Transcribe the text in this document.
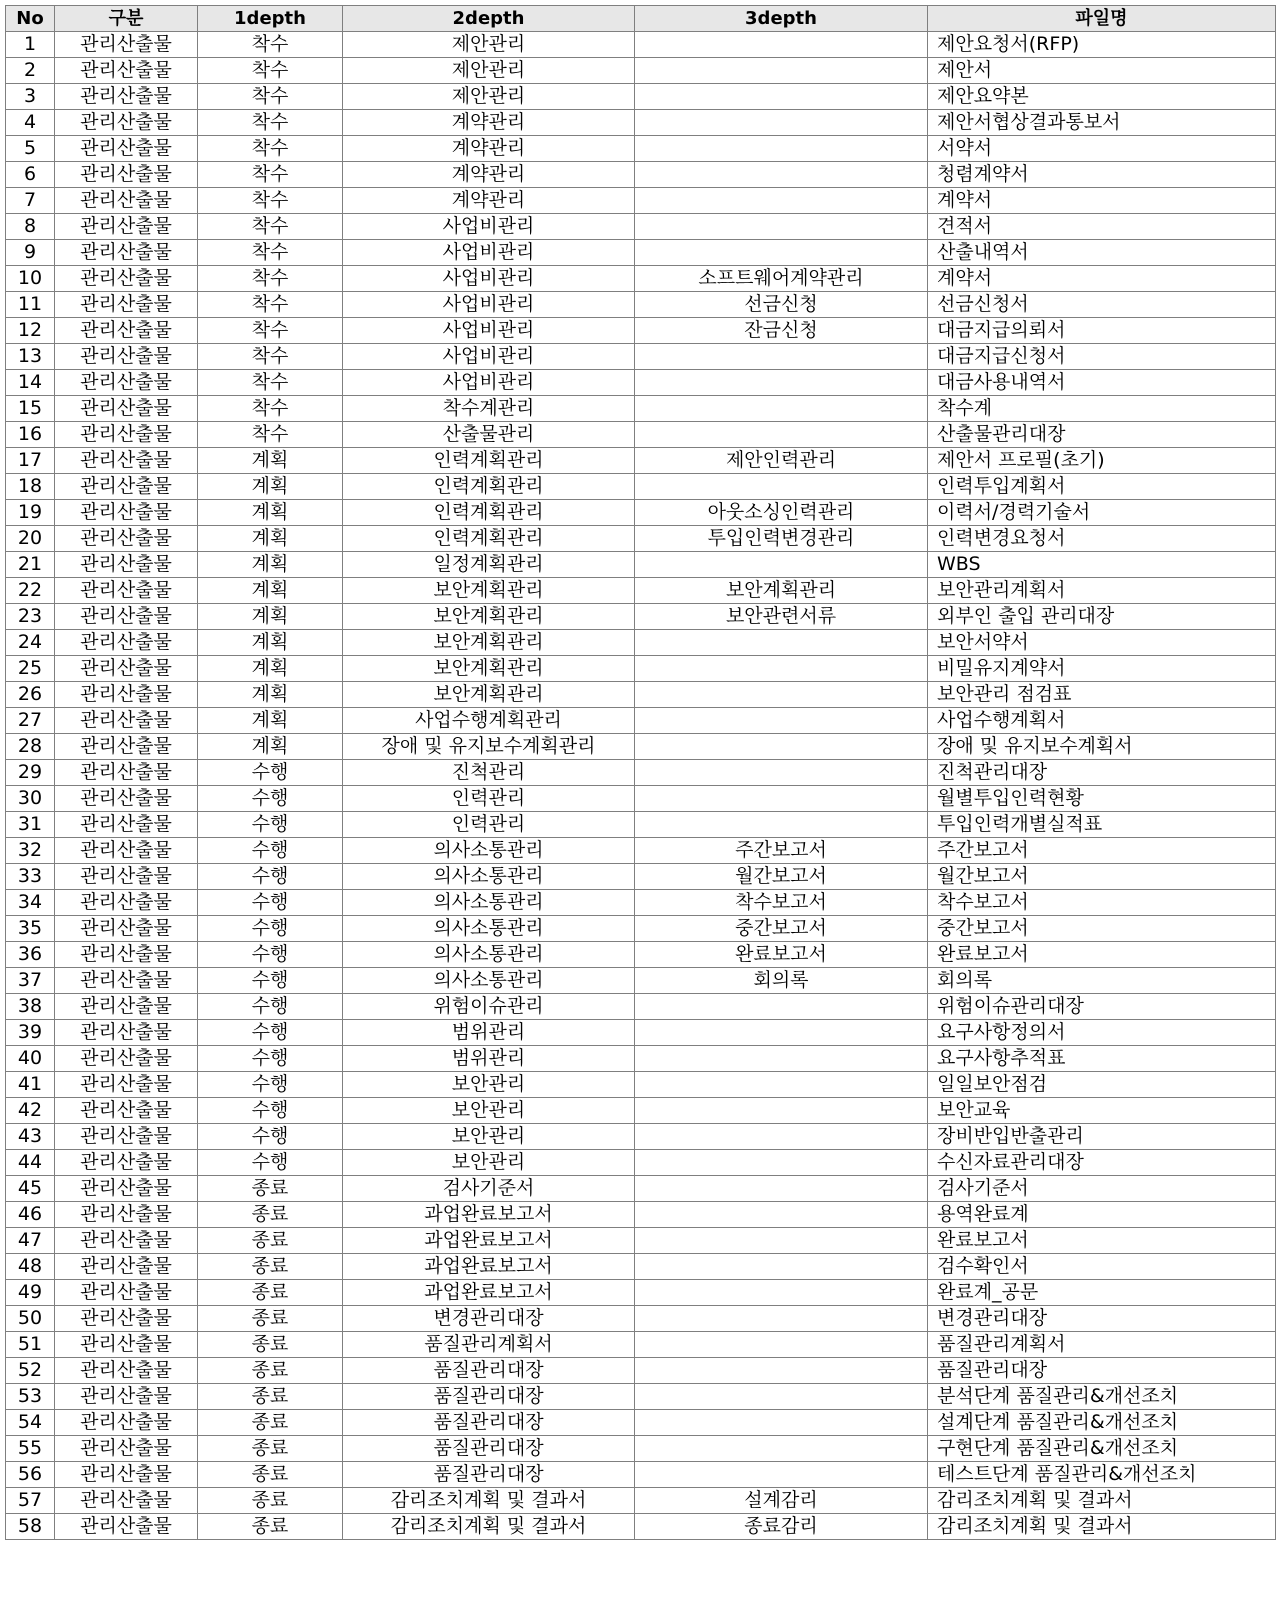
No	구분	1depth	2depth	3depth	파일명
1	관리산출물	착수	제안관리		제안요청서(RFP)
2	관리산출물	착수	제안관리		제안서
3	관리산출물	착수	제안관리		제안요약본
4	관리산출물	착수	계약관리		제안서협상결과통보서
5	관리산출물	착수	계약관리		서약서
6	관리산출물	착수	계약관리		청렴계약서
7	관리산출물	착수	계약관리		계약서
8	관리산출물	착수	사업비관리		견적서
9	관리산출물	착수	사업비관리		산출내역서
10	관리산출물	착수	사업비관리	소프트웨어계약관리	계약서
11	관리산출물	착수	사업비관리	선금신청	선금신청서
12	관리산출물	착수	사업비관리	잔금신청	대금지급의뢰서
13	관리산출물	착수	사업비관리		대금지급신청서
14	관리산출물	착수	사업비관리		대금사용내역서
15	관리산출물	착수	착수계관리		착수계
16	관리산출물	착수	산출물관리		산출물관리대장
17	관리산출물	계획	인력계획관리	제안인력관리	제안서 프로필(초기)
18	관리산출물	계획	인력계획관리		인력투입계획서
19	관리산출물	계획	인력계획관리	아웃소싱인력관리	이력서/경력기술서
20	관리산출물	계획	인력계획관리	투입인력변경관리	인력변경요청서
21	관리산출물	계획	일정계획관리		WBS
22	관리산출물	계획	보안계획관리	보안계획관리	보안관리계획서
23	관리산출물	계획	보안계획관리	보안관련서류	외부인 출입 관리대장
24	관리산출물	계획	보안계획관리		보안서약서
25	관리산출물	계획	보안계획관리		비밀유지계약서
26	관리산출물	계획	보안계획관리		보안관리 점검표
27	관리산출물	계획	사업수행계획관리		사업수행계획서
28	관리산출물	계획	장애 및 유지보수계획관리		장애 및 유지보수계획서
29	관리산출물	수행	진척관리		진척관리대장
30	관리산출물	수행	인력관리		월별투입인력현황
31	관리산출물	수행	인력관리		투입인력개별실적표
32	관리산출물	수행	의사소통관리	주간보고서	주간보고서
33	관리산출물	수행	의사소통관리	월간보고서	월간보고서
34	관리산출물	수행	의사소통관리	착수보고서	착수보고서
35	관리산출물	수행	의사소통관리	중간보고서	중간보고서
36	관리산출물	수행	의사소통관리	완료보고서	완료보고서
37	관리산출물	수행	의사소통관리	회의록	회의록
38	관리산출물	수행	위험이슈관리		위험이슈관리대장
39	관리산출물	수행	범위관리		요구사항정의서
40	관리산출물	수행	범위관리		요구사항추적표
41	관리산출물	수행	보안관리		일일보안점검
42	관리산출물	수행	보안관리		보안교육
43	관리산출물	수행	보안관리		장비반입반출관리
44	관리산출물	수행	보안관리		수신자료관리대장
45	관리산출물	종료	검사기준서		검사기준서
46	관리산출물	종료	과업완료보고서		용역완료계
47	관리산출물	종료	과업완료보고서		완료보고서
48	관리산출물	종료	과업완료보고서		검수확인서
49	관리산출물	종료	과업완료보고서		완료계_공문
50	관리산출물	종료	변경관리대장		변경관리대장
51	관리산출물	종료	품질관리계획서		품질관리계획서
52	관리산출물	종료	품질관리대장		품질관리대장
53	관리산출물	종료	품질관리대장		분석단계 품질관리&개선조치
54	관리산출물	종료	품질관리대장		설계단계 품질관리&개선조치
55	관리산출물	종료	품질관리대장		구현단계 품질관리&개선조치
56	관리산출물	종료	품질관리대장		테스트단계 품질관리&개선조치
57	관리산출물	종료	감리조치계획 및 결과서	설계감리	감리조치계획 및 결과서
58	관리산출물	종료	감리조치계획 및 결과서	종료감리	감리조치계획 및 결과서
